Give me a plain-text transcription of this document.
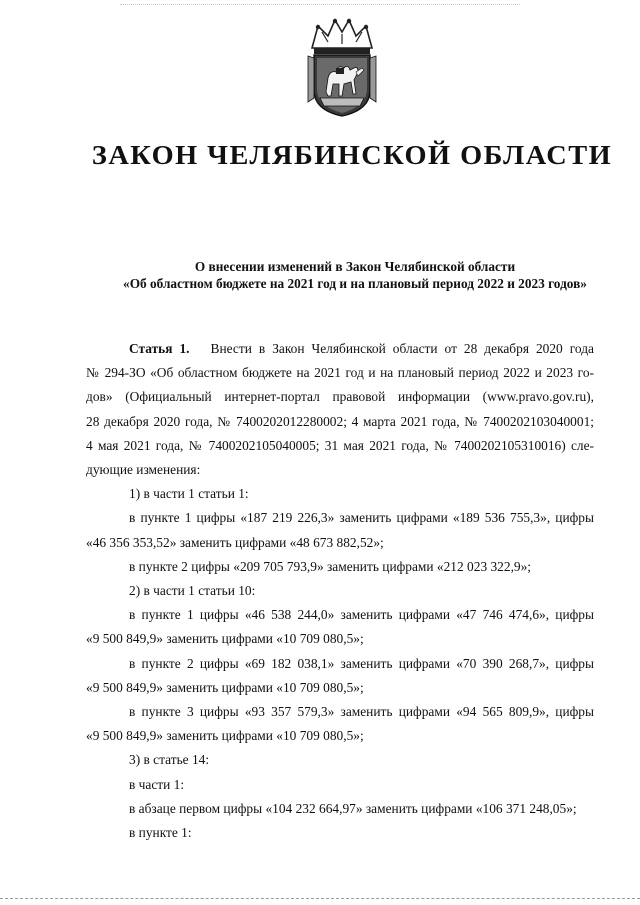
ЗАКОН ЧЕЛЯБИНСКОЙ ОБЛАСТИ
О внесении изменений в Закон Челябинской области
«Об областном бюджете на 2021 год и на плановый период 2022 и 2023 годов»
Статья 1. Внести в Закон Челябинской области от 28 декабря 2020 года
№ 294-ЗО «Об областном бюджете на 2021 год и на плановый период 2022 и 2023 го-
дов» (Официальный интернет-портал правовой информации (www.pravo.gov.ru),
28 декабря 2020 года, № 7400202012280002; 4 марта 2021 года, № 7400202103040001;
4 мая 2021 года, № 7400202105040005; 31 мая 2021 года, № 7400202105310016) сле-
дующие изменения:
1) в части 1 статьи 1:
в пункте 1 цифры «187 219 226,3» заменить цифрами «189 536 755,3», цифры
«46 356 353,52» заменить цифрами «48 673 882,52»;
в пункте 2 цифры «209 705 793,9» заменить цифрами «212 023 322,9»;
2) в части 1 статьи 10:
в пункте 1 цифры «46 538 244,0» заменить цифрами «47 746 474,6», цифры
«9 500 849,9» заменить цифрами «10 709 080,5»;
в пункте 2 цифры «69 182 038,1» заменить цифрами «70 390 268,7», цифры
«9 500 849,9» заменить цифрами «10 709 080,5»;
в пункте 3 цифры «93 357 579,3» заменить цифрами «94 565 809,9», цифры
«9 500 849,9» заменить цифрами «10 709 080,5»;
3) в статье 14:
в части 1:
в абзаце первом цифры «104 232 664,97» заменить цифрами «106 371 248,05»;
в пункте 1:
